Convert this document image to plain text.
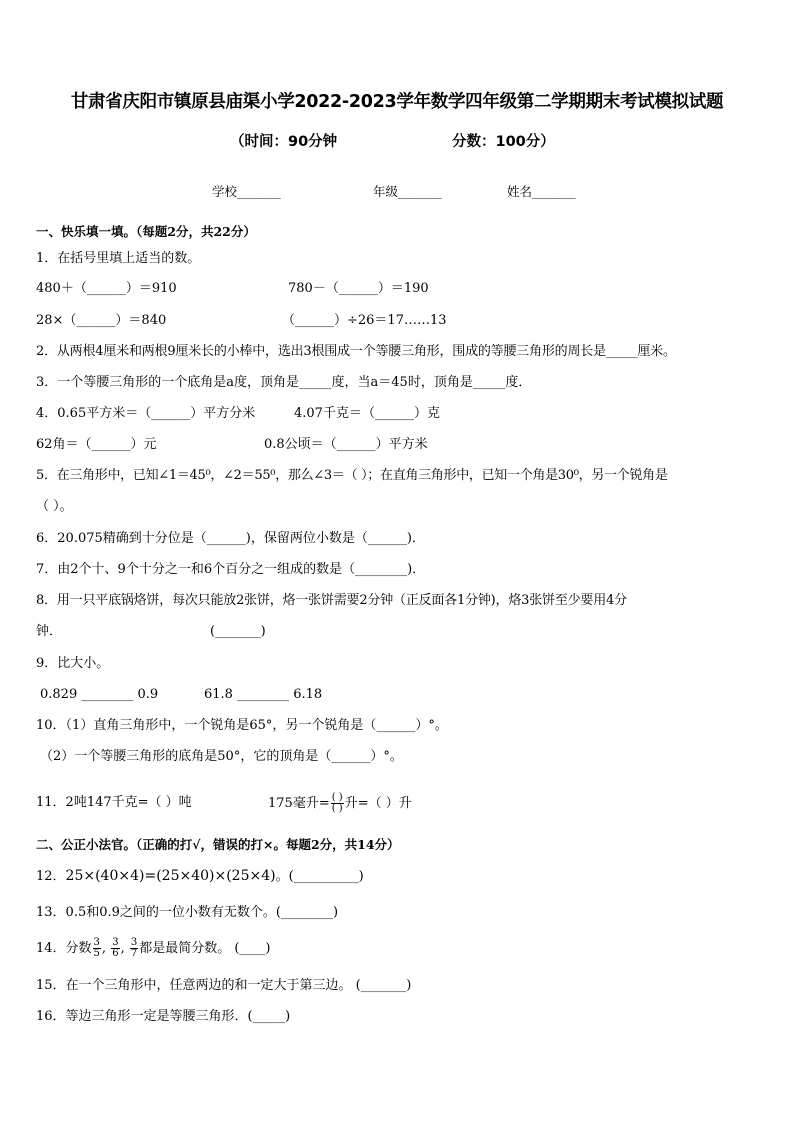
甘肃省庆阳市镇原县庙渠小学2022-2023学年数学四年级第二学期期末考试模拟试题
（时间：90分钟	分数：100分）
学校_______	年级_______	姓名_______
一、快乐填一填。（每题2分，共22分）
1．在括号里填上适当的数。
480＋（______）＝910	780－（______）＝190
28×（______）＝840	（______）÷26＝17……13
2．从两根4厘米和两根9厘米长的小棒中，选出3根围成一个等腰三角形，围成的等腰三角形的周长是_____厘米。
3．一个等腰三角形的一个底角是a度，顶角是_____度，当a＝45时，顶角是_____度．
4．0.65平方米＝（______）平方分米	4.07千克＝（______）克
62角＝（______）元	0.8公顷＝（______）平方米
5．在三角形中，已知∠1＝45⁰，∠2＝55⁰，那么∠3＝（ ）；在直角三角形中，已知一个角是30⁰，另一个锐角是
（ ）。
6．20.075精确到十分位是（______)，保留两位小数是（______)．
7．由2个十、9个十分之一和6个百分之一组成的数是（________)．
8．用一只平底锅烙饼，每次只能放2张饼，烙一张饼需要2分钟（正反面各1分钟)，烙3张饼至少要用4分
钟．	(_______)
9．比大小。
0.829 ________ 0.9	61.8 ________ 6.18
10．（1）直角三角形中，一个锐角是65°，另一个锐角是（______）°。
（2）一个等腰三角形的底角是50°，它的顶角是（______）°。
11．2吨147千克=（ ）吨	175毫升= $\frac{( )}{( )}$ 升=（ ）升
二、公正小法官。（正确的打√，错误的打×。每题2分，共14分）
12．25×(40×4)=(25×40)×(25×4)。(__________)
13．0.5和0.9之间的一位小数有无数个。(________)
14．分数 $\frac{3}{5}$ , $\frac{3}{6}$ , $\frac{3}{7}$ 都是最简分数。 (____)
15．在一个三角形中，任意两边的和一定大于第三边。 (_______)
16．等边三角形一定是等腰三角形．(_____)
